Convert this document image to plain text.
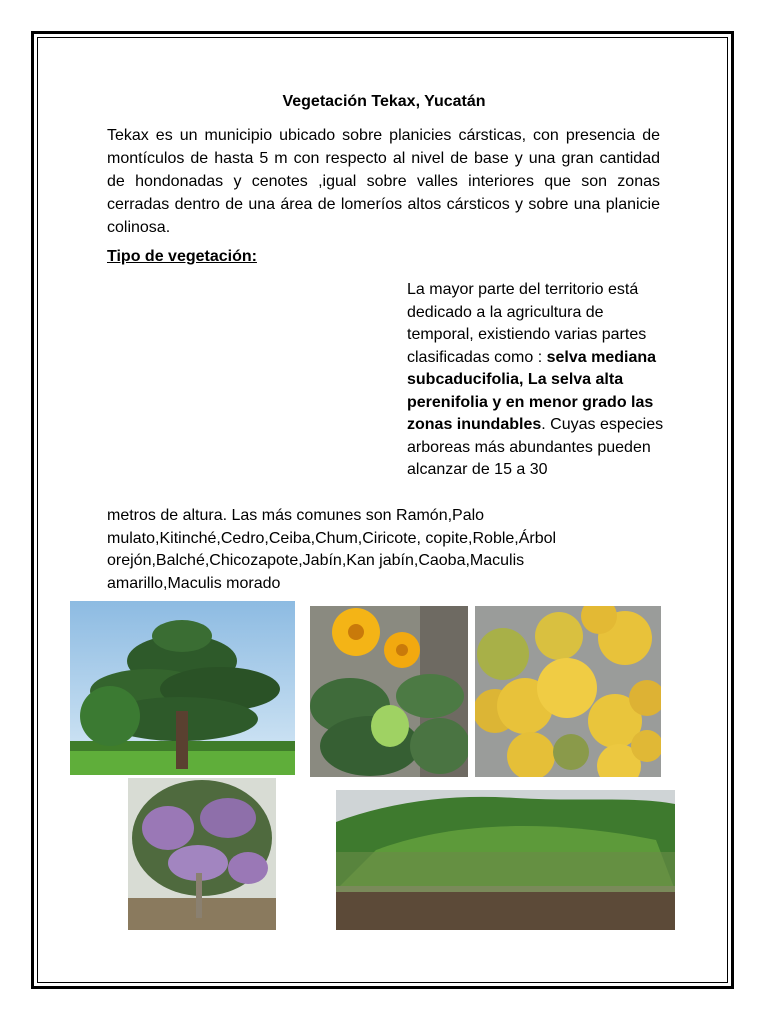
Vegetación Tekax, Yucatán

Tekax es un municipio ubicado sobre planicies cársticas, con presencia de montículos de hasta 5 m con respecto al nivel de base y una gran cantidad de hondonadas y cenotes ,igual sobre valles interiores que son zonas cerradas dentro de una área de lomeríos altos cársticos y sobre una planicie colinosa.

Tipo de vegetación:

La mayor parte del territorio está dedicado a la agricultura de temporal, existiendo varias partes clasificadas como : selva mediana subcaducifolia, La selva alta perenifolia y en menor grado las zonas inundables. Cuyas especies arboreas más abundantes pueden alcanzar de 15 a 30

metros de altura. Las más comunes son Ramón,Palo mulato,Kitinché,Cedro,Ceiba,Chum,Ciricote, copite,Roble,Árbol orejón,Balché,Chicozapote,Jabín,Kan jabín,Caoba,Maculis amarillo,Maculis morado
